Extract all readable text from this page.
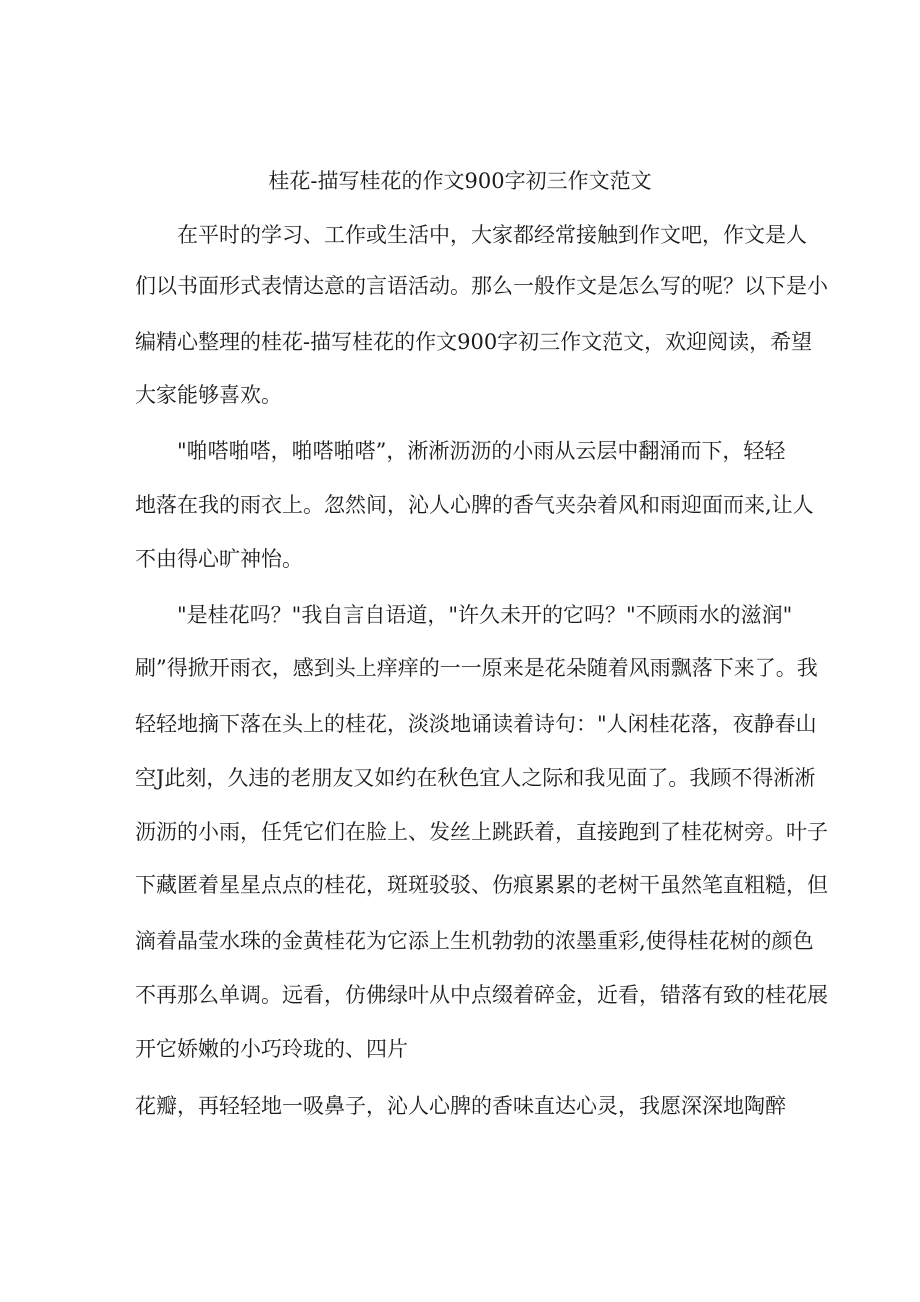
桂花-描写桂花的作文900字初三作文范文
在平时的学习、工作或生活中，大家都经常接触到作文吧，作文是人
们以书面形式表情达意的言语活动。那么一般作文是怎么写的呢？以下是小
编精心整理的桂花-描写桂花的作文900字初三作文范文，欢迎阅读，希望
大家能够喜欢。
"啪嗒啪嗒，啪嗒啪嗒”，淅淅沥沥的小雨从云层中翻涌而下，轻轻
地落在我的雨衣上。忽然间，沁人心脾的香气夹杂着风和雨迎面而来,让人
不由得心旷神怡。
"是桂花吗？"我自言自语道，"许久未开的它吗？"不顾雨水的滋润"
刷”得掀开雨衣，感到头上痒痒的一一原来是花朵随着风雨飘落下来了。我
轻轻地摘下落在头上的桂花，淡淡地诵读着诗句："人闲桂花落，夜静春山
空J此刻，久违的老朋友又如约在秋色宜人之际和我见面了。我顾不得淅淅
沥沥的小雨，任凭它们在脸上、发丝上跳跃着，直接跑到了桂花树旁。叶子
下藏匿着星星点点的桂花，斑斑驳驳、伤痕累累的老树干虽然笔直粗糙，但
滴着晶莹水珠的金黄桂花为它添上生机勃勃的浓墨重彩,使得桂花树的颜色
不再那么单调。远看，仿佛绿叶从中点缀着碎金，近看，错落有致的桂花展
开它娇嫩的小巧玲珑的、四片
花瓣，再轻轻地一吸鼻子，沁人心脾的香味直达心灵，我愿深深地陶醉
